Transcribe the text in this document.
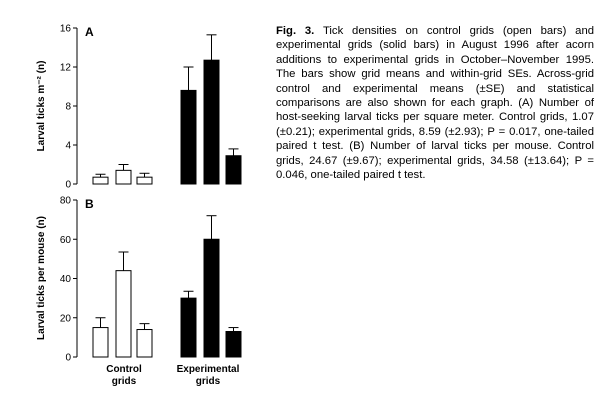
A
0
4
8
12
16
Larval ticks m⁻² (n)
B
0
20
40
60
80
Larval ticks per mouse (n)
Control
grids
Experimental
grids
Fig. 3. Tick densities on control grids (open bars) and experimental grids (solid bars) in August 1996 after acorn additions to experimental grids in October–November 1995. The bars show grid means and within-grid SEs. Across-grid control and experimental means (±SE) and statistical comparisons are also shown for each graph. (A) Number of host-seeking larval ticks per square meter. Control grids, 1.07 (±0.21); experimental grids, 8.59 (±2.93); P = 0.017, one-tailed paired t test. (B) Number of larval ticks per mouse. Control grids, 24.67 (±9.67); experimental grids, 34.58 (±13.64); P = 0.046, one-tailed paired t test.
